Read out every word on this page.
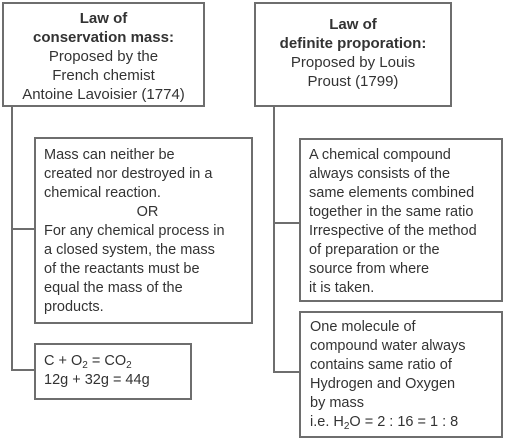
Law of
conservation mass:
Proposed by the
French chemist
Antoine Lavoisier (1774)
Law of
definite proporation:
Proposed by Louis
Proust (1799)
Mass can neither be
created nor destroyed in a
chemical reaction.
OR
For any chemical process in
a closed system, the mass
of the reactants must be
equal the mass of the
products.
$C + O_2 = CO_2$
12g + 32g = 44g
A chemical compound
always consists of the
same elements combined
together in the same ratio
Irrespective of the method
of preparation or the
source from where
it is taken.
One molecule of
compound water always
contains same ratio of
Hydrogen and Oxygen
by mass
i.e. $H_2O = 2$ : 16 = 1 : 8
